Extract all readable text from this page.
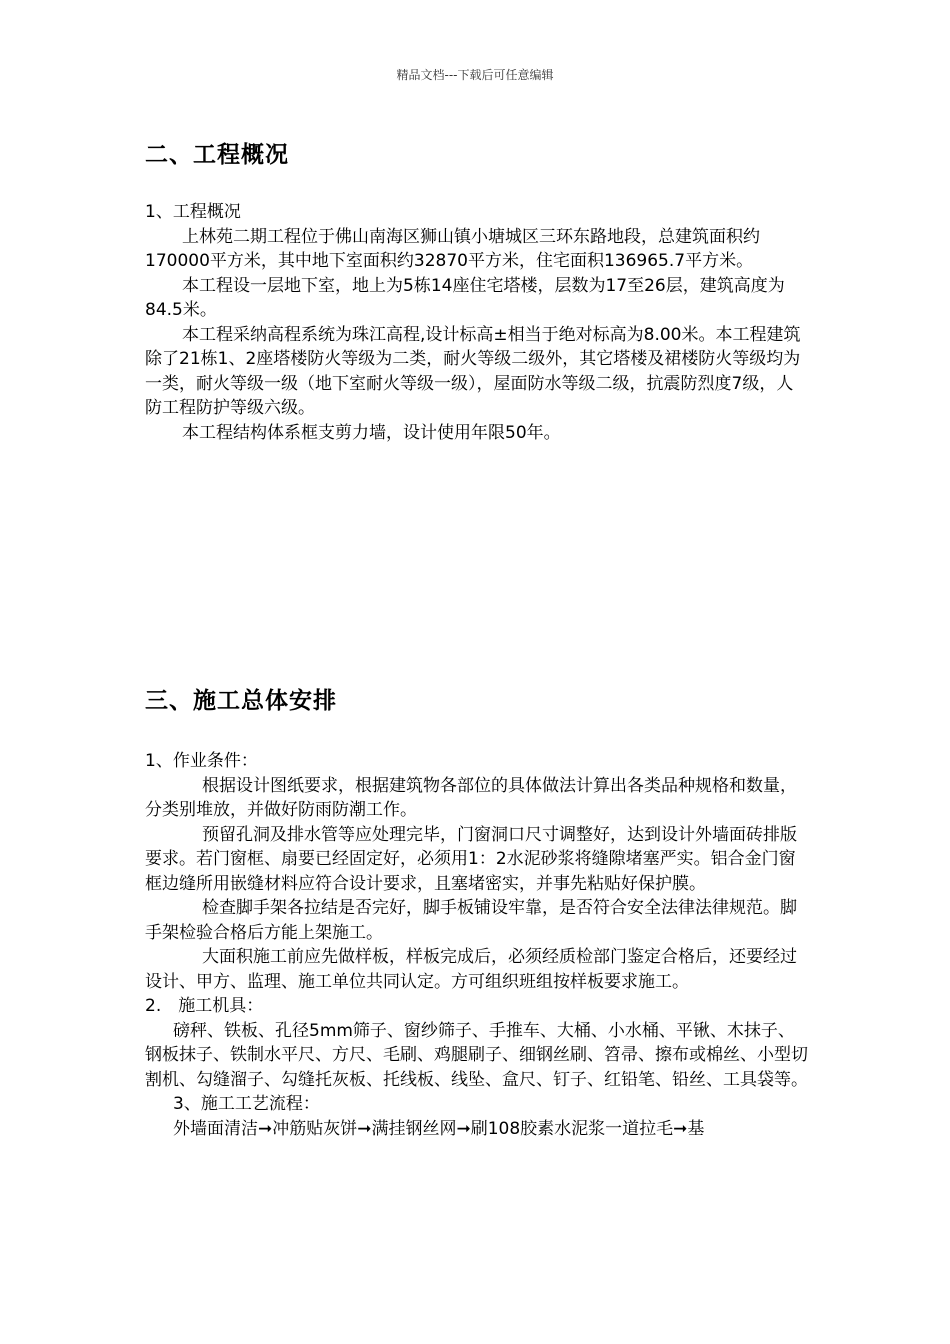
精品文档---下载后可任意编辑
二、工程概况

1、工程概况

上林苑二期工程位于佛山南海区狮山镇小塘城区三环东路地段，总建筑面积约170000平方米，其中地下室面积约32870平方米，住宅面积136965.7平方米。

本工程设一层地下室，地上为5栋14座住宅塔楼，层数为17至26层，建筑高度为84.5米。

本工程采纳高程系统为珠江高程,设计标高±相当于绝对标高为8.00米。本工程建筑除了21栋1、2座塔楼防火等级为二类，耐火等级二级外，其它塔楼及裙楼防火等级均为一类，耐火等级一级（地下室耐火等级一级），屋面防水等级二级，抗震防烈度7级，人防工程防护等级六级。

本工程结构体系框支剪力墙，设计使用年限50年。

三、施工总体安排

1、作业条件：

根据设计图纸要求，根据建筑物各部位的具体做法计算出各类品种规格和数量，分类别堆放，并做好防雨防潮工作。

预留孔洞及排水管等应处理完毕，门窗洞口尺寸调整好，达到设计外墙面砖排版要求。若门窗框、扇要已经固定好，必须用1：2水泥砂浆将缝隙堵塞严实。铝合金门窗框边缝所用嵌缝材料应符合设计要求，且塞堵密实，并事先粘贴好保护膜。

检查脚手架各拉结是否完好，脚手板铺设牢靠，是否符合安全法律法律规范。脚手架检验合格后方能上架施工。

大面积施工前应先做样板，样板完成后，必须经质检部门鉴定合格后，还要经过设计、甲方、监理、施工单位共同认定。方可组织班组按样板要求施工。

2.　施工机具：

磅秤、铁板、孔径5mm筛子、窗纱筛子、手推车、大桶、小水桶、平锹、木抹子、钢板抹子、铁制水平尺、方尺、毛刷、鸡腿刷子、细钢丝刷、笤帚、擦布或棉丝、小型切割机、勾缝溜子、勾缝托灰板、托线板、线坠、盒尺、钉子、红铅笔、铅丝、工具袋等。

3、施工工艺流程：

外墙面清洁➞冲筋贴灰饼➞满挂钢丝网➞刷108胶素水泥浆一道拉毛➞基
